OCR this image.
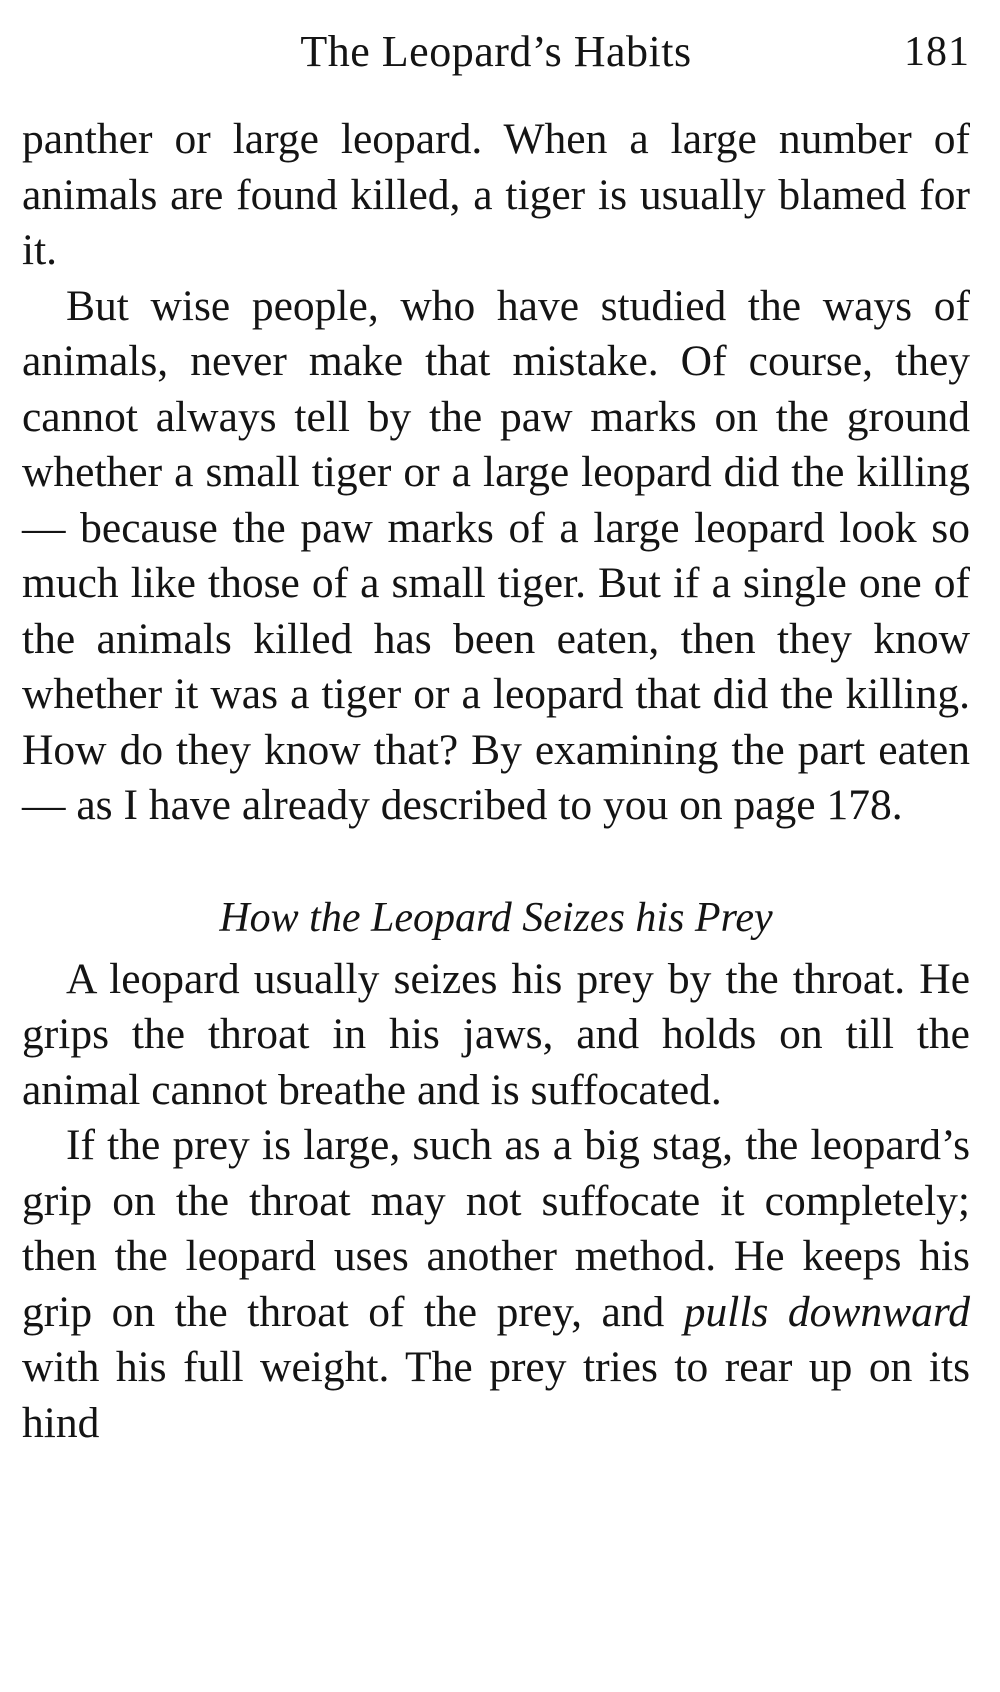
The Leopard’s Habits	181

panther or large leopard. When a large number of animals are found killed, a tiger is usually blamed for it.

But wise people, who have studied the ways of animals, never make that mistake. Of course, they cannot always tell by the paw marks on the ground whether a small tiger or a large leopard did the killing — because the paw marks of a large leopard look so much like those of a small tiger. But if a single one of the animals killed has been eaten, then they know whether it was a tiger or a leopard that did the killing. How do they know that? By examining the part eaten — as I have already described to you on page 178.

How the Leopard Seizes his Prey

A leopard usually seizes his prey by the throat. He grips the throat in his jaws, and holds on till the animal cannot breathe and is suffocated.

If the prey is large, such as a big stag, the leopard’s grip on the throat may not suffocate it completely; then the leopard uses another method. He keeps his grip on the throat of the prey, and pulls downward with his full weight. The prey tries to rear up on its hind
